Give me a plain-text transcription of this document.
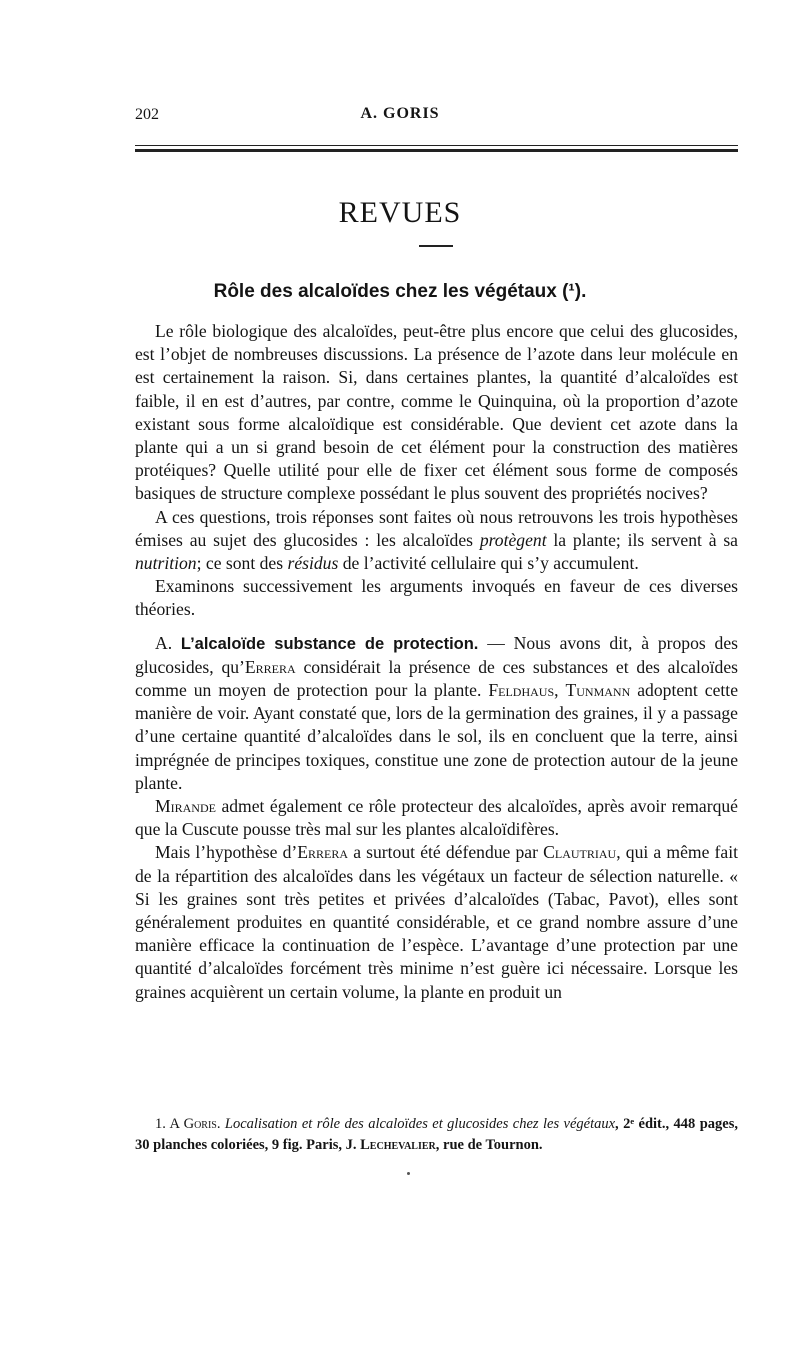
202	A. GORIS
REVUES
Rôle des alcaloïdes chez les végétaux (¹).

Le rôle biologique des alcaloïdes, peut-être plus encore que celui des glucosides, est l’objet de nombreuses discussions. La présence de l’azote dans leur molécule en est certainement la raison. Si, dans certaines plantes, la quantité d’alcaloïdes est faible, il en est d’autres, par contre, comme le Quinquina, où la proportion d’azote existant sous forme alcaloïdique est considérable. Que devient cet azote dans la plante qui a un si grand besoin de cet élément pour la construction des matières protéiques? Quelle utilité pour elle de fixer cet élément sous forme de composés basiques de structure complexe possédant le plus souvent des propriétés nocives?

A ces questions, trois réponses sont faites où nous retrouvons les trois hypothèses émises au sujet des glucosides : les alcaloïdes protègent la plante; ils servent à sa nutrition; ce sont des résidus de l’activité cellulaire qui s’y accumulent.

Examinons successivement les arguments invoqués en faveur de ces diverses théories.

A. L’alcaloïde substance de protection. — Nous avons dit, à propos des glucosides, qu’Errera considérait la présence de ces substances et des alcaloïdes comme un moyen de protection pour la plante. Feldhaus, Tunmann adoptent cette manière de voir. Ayant constaté que, lors de la germination des graines, il y a passage d’une certaine quantité d’alcaloïdes dans le sol, ils en concluent que la terre, ainsi imprégnée de principes toxiques, constitue une zone de protection autour de la jeune plante.

Mirande admet également ce rôle protecteur des alcaloïdes, après avoir remarqué que la Cuscute pousse très mal sur les plantes alcaloïdifères.

Mais l’hypothèse d’Errera a surtout été défendue par Clautriau, qui a même fait de la répartition des alcaloïdes dans les végétaux un facteur de sélection naturelle. « Si les graines sont très petites et privées d’alcaloïdes (Tabac, Pavot), elles sont généralement produites en quantité considérable, et ce grand nombre assure d’une manière efficace la continuation de l’espèce. L’avantage d’une protection par une quantité d’alcaloïdes forcément très minime n’est guère ici nécessaire. Lorsque les graines acquièrent un certain volume, la plante en produit un

1. A Goris. Localisation et rôle des alcaloïdes et glucosides chez les végétaux, 2ᵉ édit., 448 pages, 30 planches coloriées, 9 fig. Paris, J. Lechevalier, rue de Tournon.
